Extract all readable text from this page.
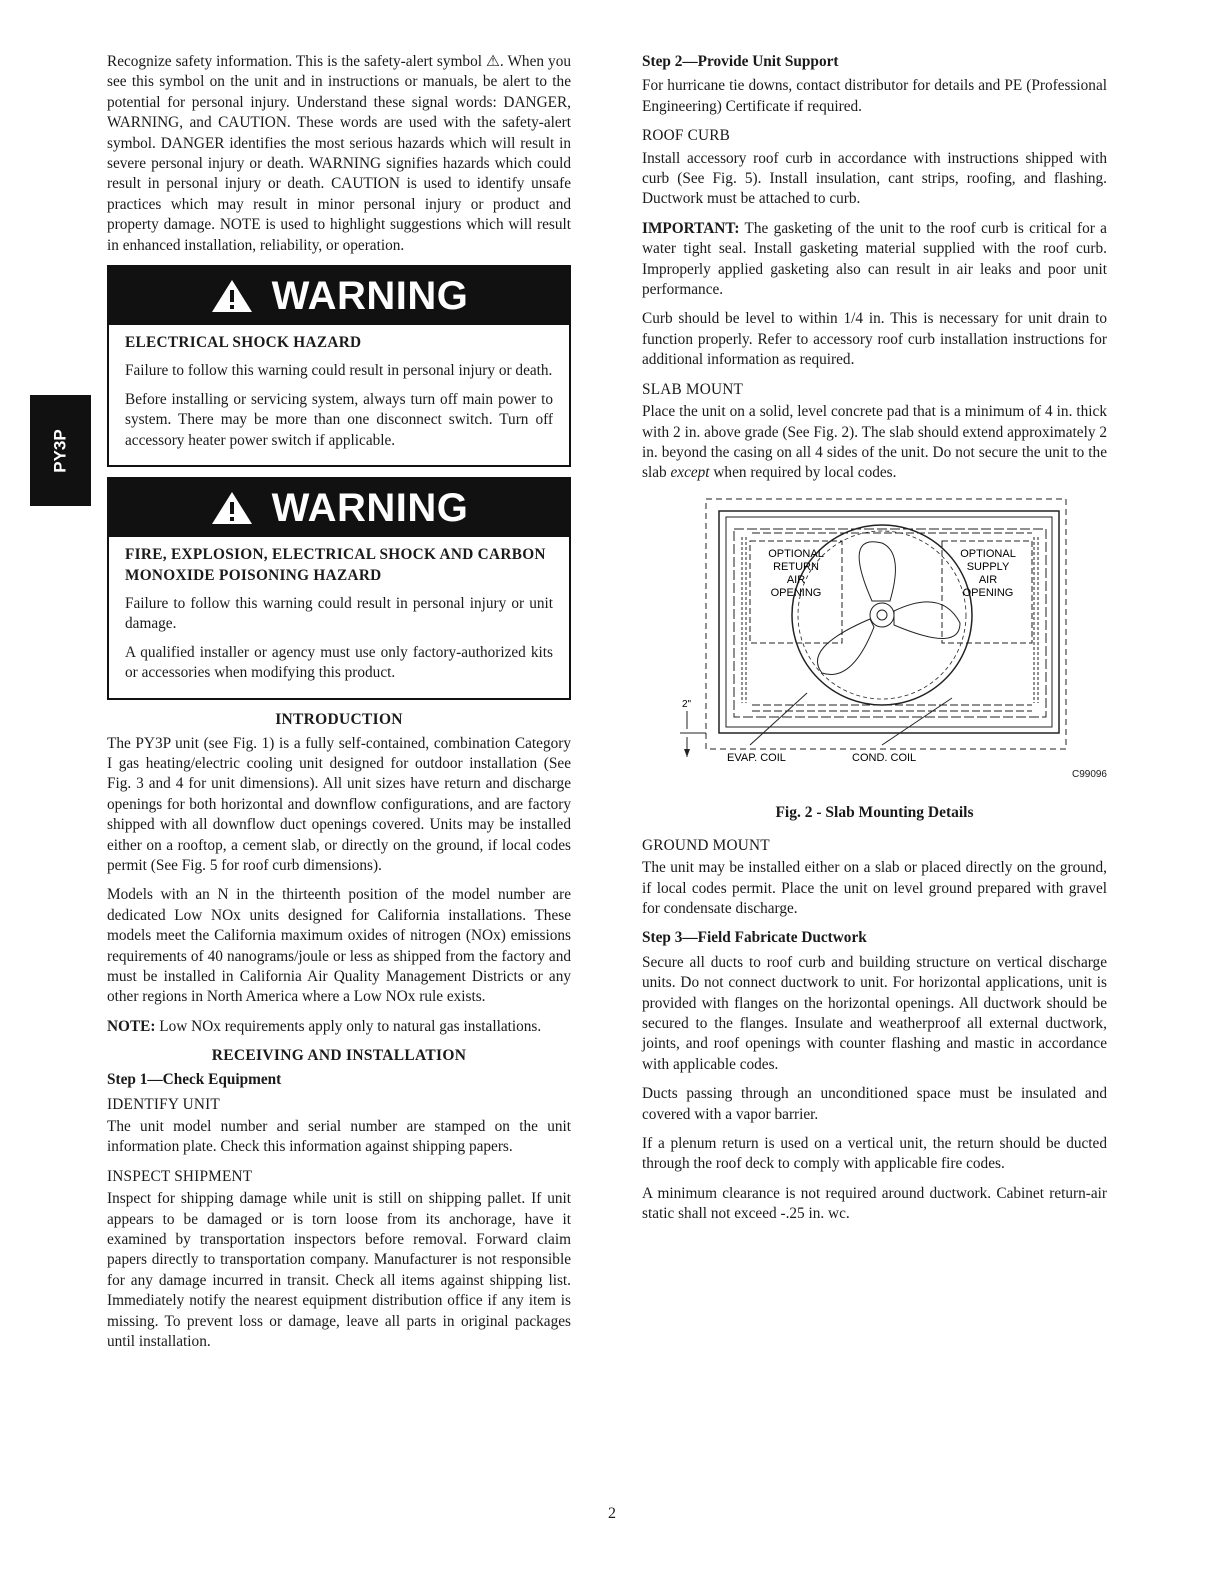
PY3P

Recognize safety information. This is the safety-alert symbol ⚠. When you see this symbol on the unit and in instructions or manuals, be alert to the potential for personal injury. Understand these signal words: DANGER, WARNING, and CAUTION. These words are used with the safety-alert symbol. DANGER identifies the most serious hazards which will result in severe personal injury or death. WARNING signifies hazards which could result in personal injury or death. CAUTION is used to identify unsafe practices which may result in minor personal injury or product and property damage. NOTE is used to highlight suggestions which will result in enhanced installation, reliability, or operation.

WARNING
ELECTRICAL SHOCK HAZARD

Failure to follow this warning could result in personal injury or death.

Before installing or servicing system, always turn off main power to system. There may be more than one disconnect switch. Turn off accessory heater power switch if applicable.

WARNING
FIRE, EXPLOSION, ELECTRICAL SHOCK AND CARBON MONOXIDE POISONING HAZARD

Failure to follow this warning could result in personal injury or unit damage.

A qualified installer or agency must use only factory-authorized kits or accessories when modifying this product.

INTRODUCTION

The PY3P unit (see Fig. 1) is a fully self-contained, combination Category I gas heating/electric cooling unit designed for outdoor installation (See Fig. 3 and 4 for unit dimensions). All unit sizes have return and discharge openings for both horizontal and downflow configurations, and are factory shipped with all downflow duct openings covered. Units may be installed either on a rooftop, a cement slab, or directly on the ground, if local codes permit (See Fig. 5 for roof curb dimensions).

Models with an N in the thirteenth position of the model number are dedicated Low NOx units designed for California installations. These models meet the California maximum oxides of nitrogen (NOx) emissions requirements of 40 nanograms/joule or less as shipped from the factory and must be installed in California Air Quality Management Districts or any other regions in North America where a Low NOx rule exists.

NOTE: Low NOx requirements apply only to natural gas installations.

RECEIVING AND INSTALLATION
Step 1—Check Equipment
IDENTIFY UNIT

The unit model number and serial number are stamped on the unit information plate. Check this information against shipping papers.

INSPECT SHIPMENT

Inspect for shipping damage while unit is still on shipping pallet. If unit appears to be damaged or is torn loose from its anchorage, have it examined by transportation inspectors before removal. Forward claim papers directly to transportation company. Manufacturer is not responsible for any damage incurred in transit. Check all items against shipping list. Immediately notify the nearest equipment distribution office if any item is missing. To prevent loss or damage, leave all parts in original packages until installation.

Step 2—Provide Unit Support

For hurricane tie downs, contact distributor for details and PE (Professional Engineering) Certificate if required.

ROOF CURB

Install accessory roof curb in accordance with instructions shipped with curb (See Fig. 5). Install insulation, cant strips, roofing, and flashing. Ductwork must be attached to curb.

IMPORTANT: The gasketing of the unit to the roof curb is critical for a water tight seal. Install gasketing material supplied with the roof curb. Improperly applied gasketing also can result in air leaks and poor unit performance.

Curb should be level to within 1/4 in. This is necessary for unit drain to function properly. Refer to accessory roof curb installation instructions for additional information as required.

SLAB MOUNT

Place the unit on a solid, level concrete pad that is a minimum of 4 in. thick with 2 in. above grade (See Fig. 2). The slab should extend approximately 2 in. beyond the casing on all 4 sides of the unit. Do not secure the unit to the slab except when required by local codes.

OPTIONAL
RETURN
AIR
OPENING
OPTIONAL
SUPPLY
AIR
OPENING
EVAP. COIL	COND. COIL
2"
C99096
Fig. 2 - Slab Mounting Details
GROUND MOUNT

The unit may be installed either on a slab or placed directly on the ground, if local codes permit. Place the unit on level ground prepared with gravel for condensate discharge.

Step 3—Field Fabricate Ductwork

Secure all ducts to roof curb and building structure on vertical discharge units. Do not connect ductwork to unit. For horizontal applications, unit is provided with flanges on the horizontal openings. All ductwork should be secured to the flanges. Insulate and weatherproof all external ductwork, joints, and roof openings with counter flashing and mastic in accordance with applicable codes.

Ducts passing through an unconditioned space must be insulated and covered with a vapor barrier.

If a plenum return is used on a vertical unit, the return should be ducted through the roof deck to comply with applicable fire codes.

A minimum clearance is not required around ductwork. Cabinet return-air static shall not exceed -.25 in. wc.

2
